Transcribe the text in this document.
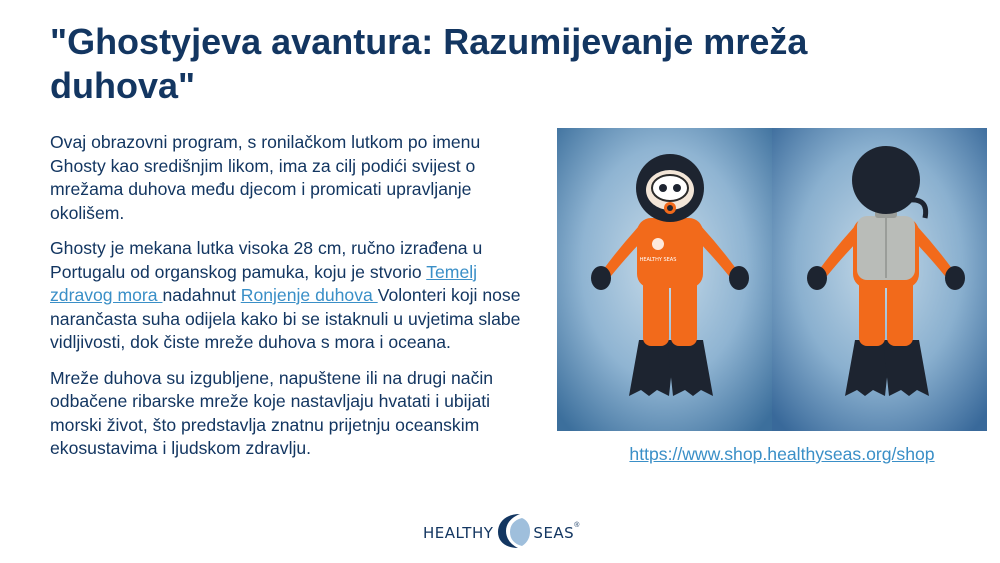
"Ghostyjeva avantura: Razumijevanje mreža duhova"

Ovaj obrazovni program, s ronilačkom lutkom po imenu Ghosty kao središnjim likom, ima za cilj podići svijest o mrežama duhova među djecom i promicati upravljanje okolišem.

Ghosty je mekana lutka visoka 28 cm, ručno izrađena u Portugalu od organskog pamuka, koju je stvorio Temelj zdravog mora nadahnut Ronjenje duhova Volonteri koji nose narančasta suha odijela kako bi se istaknuli u uvjetima slabe vidljivosti, dok čiste mreže duhova s mora i oceana.

Mreže duhova su izgubljene, napuštene ili na drugi način odbačene ribarske mreže koje nastavljaju hvatati i ubijati morski život, što predstavlja znatnu prijetnju oceanskim ekosustavima i ljudskom zdravlju.

HEALTHY SEAS
https://www.shop.healthyseas.org/shop
HEALTHY	SEAS ®
